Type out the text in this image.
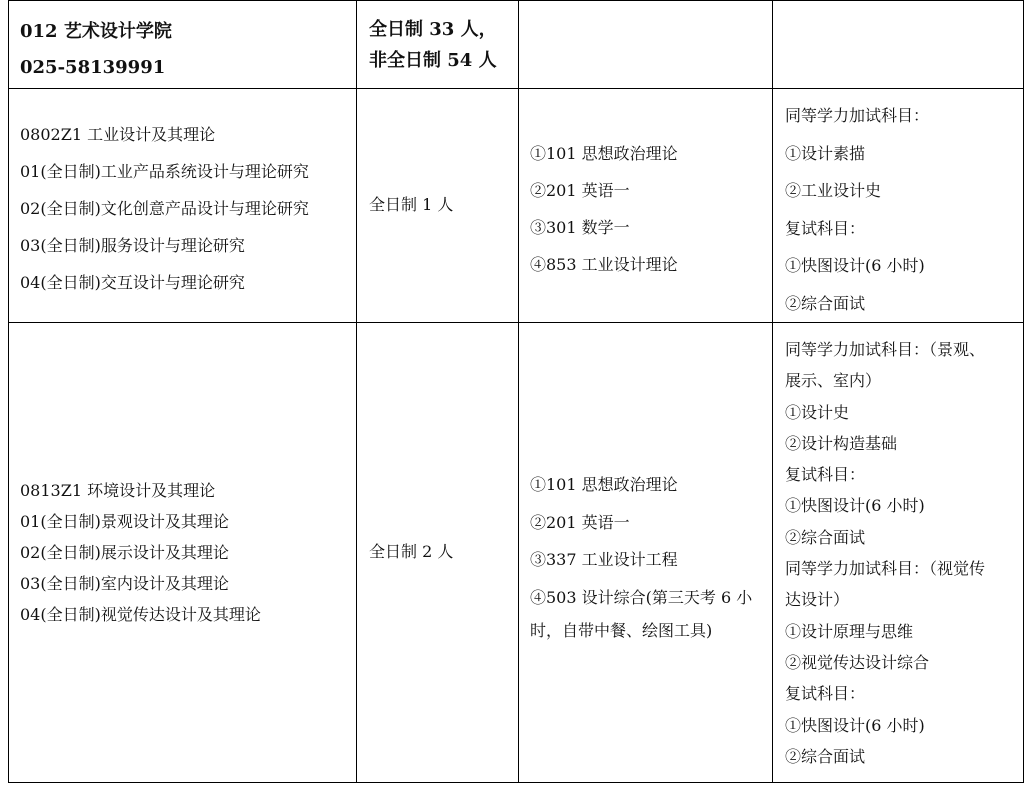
012 艺术设计学院
025-58139991
全日制 33 人，
非全日制 54 人
0802Z1 工业设计及其理论
01(全日制)工业产品系统设计与理论研究
02(全日制)文化创意产品设计与理论研究
03(全日制)服务设计与理论研究
04(全日制)交互设计与理论研究
全日制 1 人
①101 思想政治理论
②201 英语一
③301 数学一
④853 工业设计理论
同等学力加试科目：
①设计素描
②工业设计史
复试科目：
①快图设计(6 小时)
②综合面试
0813Z1 环境设计及其理论
01(全日制)景观设计及其理论
02(全日制)展示设计及其理论
03(全日制)室内设计及其理论
04(全日制)视觉传达设计及其理论
全日制 2 人
①101 思想政治理论
②201 英语一
③337 工业设计工程
④503 设计综合(第三天考 6 小
时，自带中餐、绘图工具)
同等学力加试科目：（景观、
展示、室内）
①设计史
②设计构造基础
复试科目：
①快图设计(6 小时)
②综合面试
同等学力加试科目：（视觉传
达设计）
①设计原理与思维
②视觉传达设计综合
复试科目：
①快图设计(6 小时)
②综合面试
